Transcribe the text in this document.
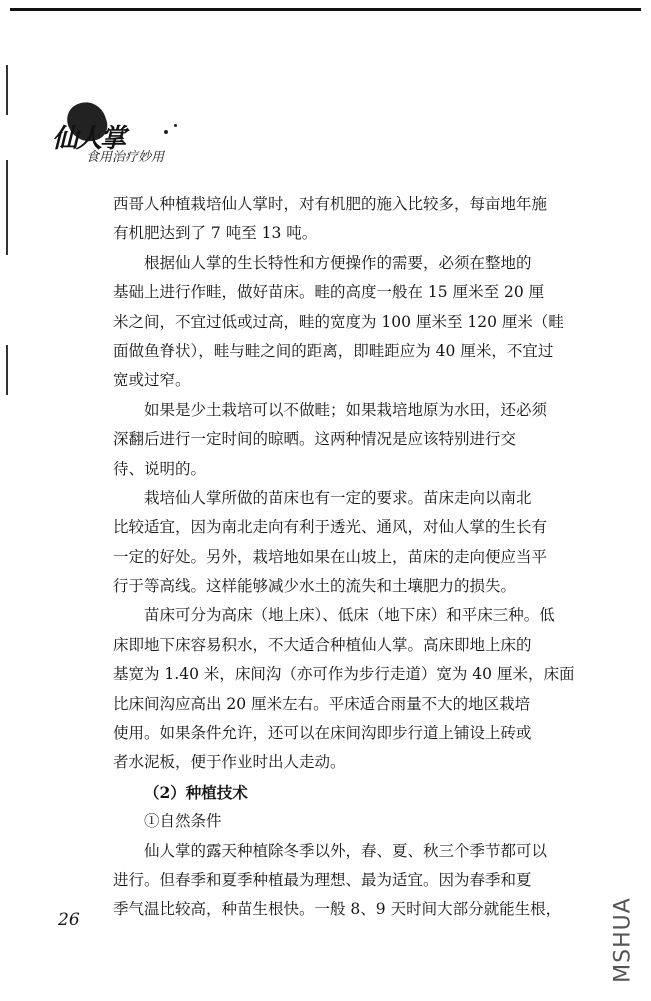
仙人掌
食用治疗妙用
西哥人种植栽培仙人掌时，对有机肥的施入比较多，每亩地年施
有机肥达到了 7 吨至 13 吨。
根据仙人掌的生长特性和方便操作的需要，必须在整地的
基础上进行作畦，做好苗床。畦的高度一般在 15 厘米至 20 厘
米之间，不宜过低或过高，畦的宽度为 100 厘米至 120 厘米（畦
面做鱼脊状），畦与畦之间的距离，即畦距应为 40 厘米，不宜过
宽或过窄。
如果是少土栽培可以不做畦；如果栽培地原为水田，还必须
深翻后进行一定时间的晾晒。这两种情况是应该特别进行交
待、说明的。
栽培仙人掌所做的苗床也有一定的要求。苗床走向以南北
比较适宜，因为南北走向有利于透光、通风，对仙人掌的生长有
一定的好处。另外，栽培地如果在山坡上，苗床的走向便应当平
行于等高线。这样能够减少水土的流失和土壤肥力的损失。
苗床可分为高床（地上床）、低床（地下床）和平床三种。低
床即地下床容易积水，不大适合种植仙人掌。高床即地上床的
基宽为 1.40 米，床间沟（亦可作为步行走道）宽为 40 厘米，床面
比床间沟应高出 20 厘米左右。平床适合雨量不大的地区栽培
使用。如果条件允许，还可以在床间沟即步行道上铺设上砖或
者水泥板，便于作业时出人走动。
（2）种植技术
①自然条件
仙人掌的露天种植除冬季以外，春、夏、秋三个季节都可以
进行。但春季和夏季种植最为理想、最为适宜。因为春季和夏
季气温比较高，种苗生根快。一般 8、9 天时间大部分就能生根，
26	MSHUA
